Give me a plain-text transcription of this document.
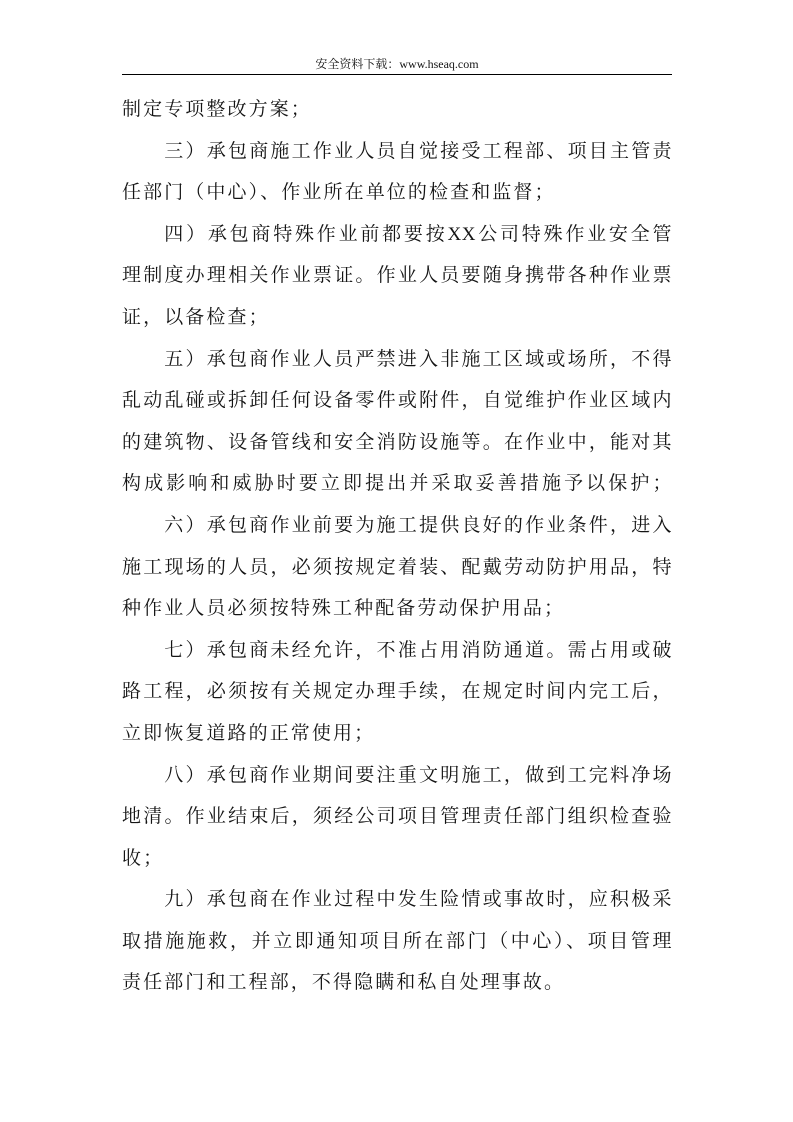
安全资料下载：www.hseaq.com
制定专项整改方案；
三）承包商施工作业人员自觉接受工程部、项目主管责
任部门（中心）、作业所在单位的检查和监督；
四）承包商特殊作业前都要按XX公司特殊作业安全管
理制度办理相关作业票证。作业人员要随身携带各种作业票
证，以备检查；
五）承包商作业人员严禁进入非施工区域或场所，不得
乱动乱碰或拆卸任何设备零件或附件，自觉维护作业区域内
的建筑物、设备管线和安全消防设施等。在作业中，能对其
构成影响和威胁时要立即提出并采取妥善措施予以保护；
六）承包商作业前要为施工提供良好的作业条件，进入
施工现场的人员，必须按规定着装、配戴劳动防护用品，特
种作业人员必须按特殊工种配备劳动保护用品；
七）承包商未经允许，不准占用消防通道。需占用或破
路工程，必须按有关规定办理手续，在规定时间内完工后，
立即恢复道路的正常使用；
八）承包商作业期间要注重文明施工，做到工完料净场
地清。作业结束后，须经公司项目管理责任部门组织检查验
收；
九）承包商在作业过程中发生险情或事故时，应积极采
取措施施救，并立即通知项目所在部门（中心）、项目管理
责任部门和工程部，不得隐瞒和私自处理事故。
